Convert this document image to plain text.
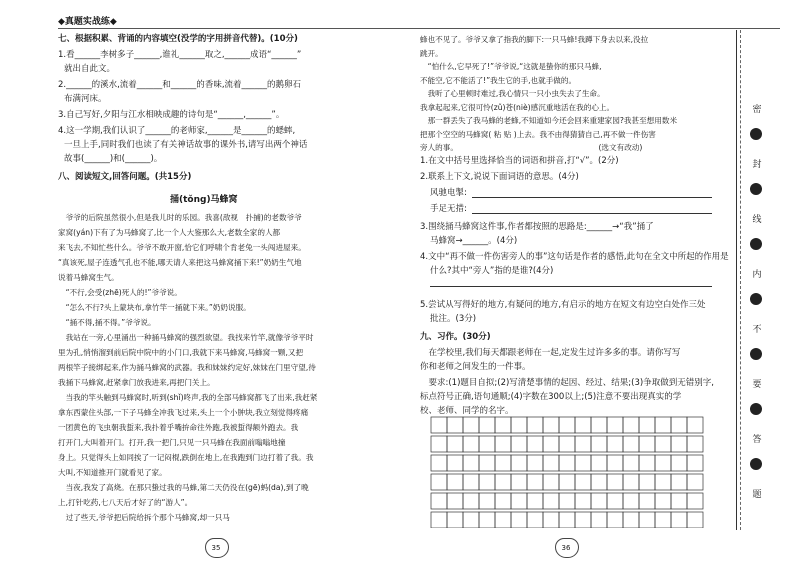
◆真题实战练◆
七、根据积累、背诵的内容填空(没学的字用拼音代替)。(10分)
1.看______李树多子______,谁礼______取之,______成语“______”
就出自此文。
2.______的溪水,流着______和______的香味,流着______的鹅卵石
布满河床。
3.自己写好,夕阳与江水相映成趣的诗句是“______,______”。
4.这一学期,我们认识了______的老师家,______是______的蟋蟀,
一旦上手,同时我们也读了有关神话故事的课外书,请写出两个神话
故事(______)和(______)。
八、阅读短文,回答问题。(共15分)
捅(tǒng)马蜂窝
　爷爷的后院虽然很小,但是我儿时的乐园。我喜(敌视　扑捕)的老数爷爷
家窝(yán)下有了为马蜂窝了,比一个人大鉴那么大,老数全家的人都
来飞去,不知忙些什么。爷爷不敢开窗,恰它们呼啸个肯老兔一头闯进屋来。
“真该死,屋子连透气孔也不能,哪天请人来把这马蜂窝捅下来!”奶奶生气地
说着马蜂窝生气。
　“不行,会受(zhē)死人的!”爷爷说。
　“怎么不行?头上蒙块布,拿竹竿一捅就下来。”奶奶说服。
　“捅不得,捅不得。”爷爷说。
　我站在一旁,心里涌出一种捅马蜂窝的强烈欲望。我找来竹竿,就像爷爷平时
里为孔,悄悄溜到前后院中院中的小门口,我就下来马蜂窝,马蜂窝一颗,又把
两根竿子接绑起来,作为捅马蜂窝的武器。我和妹妹约定好,妹妹在门里守望,待
我捅下马蜂窝,赶紧拿门放我进来,再把门关上。
　当我的竿头触到马蜂窝时,听到(shǐ)咚声,我的全部马蜂窝都飞了出来,我赶紧
拿东西蒙住头部,一下子马蜂全冲我飞过来,头上一个小肿块,我立刻觉得疼痛
一团黄色的飞虫朝我蜇来,我扑着乎嘴拚命往外跑,我被蜇得额外跑去。我
打开门,大叫着开门。打开,我一把门,只见一只马蜂在我面前嗡嗡地撞
身上。只觉得头上如同挨了一记闷棍,跌倒在地上,在我跑到门边打着了我。我
大叫,不知道推开门就看见了家。
　当夜,我发了高烧。在那只蛰过我的马蜂,第二天仍没在(gē)蚂(da),到了晚
上,打针吃药,七八天后才好了的“游人”。
　过了些天,爷爷把后院给拆个那个马蜂窝,却一只马
35
蜂也不见了。爷爷又拿了指我的脚下:一只马蜂!我蹲下身去以来,没拉
跳开。
　“怕什么,它早死了!”爷爷说,“这就是蛰你的那只马蜂,
不能空,它不能活了!”我生它的手,也就手做的。
　我听了心里顿时难过,我心情只一只小虫失去了生命。
我拿起起来,它很可怜(zǔ)苍(niè)感沉重地活在我的心上。
　那一群丢失了我马蜂的老蜂,不知道如今还会回来重建家园?我甚至想用数米
把那个空空的马蜂窝( 粘 贴 )上去。我不由得猜猜自己,再不做一件伤害
旁人的事。　　　　　　　　　　　　　　　　　　　(选文有改动)
1.在文中括号里选择恰当的词语和拼音,打“√”。(2分)
2.联系上下文,说说下面词语的意思。(4分)
风驰电掣:
手足无措:
3.围绕捅马蜂窝这件事,作者都按照的思路是:______→“我”捅了
马蜂窝→______。(4分)
4.文中“再不做一件伤害旁人的事”这句话是作者的感悟,此句在全文中所起的作用是
什么?其中“旁人”指的是谁?(4分)
5.尝试从写得好的地方,有疑问的地方,有启示的地方在短文有边空白处作三处
批注。(3分)
九、习作。(30分)
　在学校里,我们每天都跟老师在一起,定发生过许多多的事。请你写写
你和老师之间发生的一件事。
　要求:(1)题目自拟;(2)写清楚事情的起因、经过、结果;(3)争取做到无错别字,
标点符号正确,语句通顺;(4)字数在300以上;(5)注意不要出现真实的学
校、老师、同学的名字。
36
密
封
线
内
不
要
答
题
